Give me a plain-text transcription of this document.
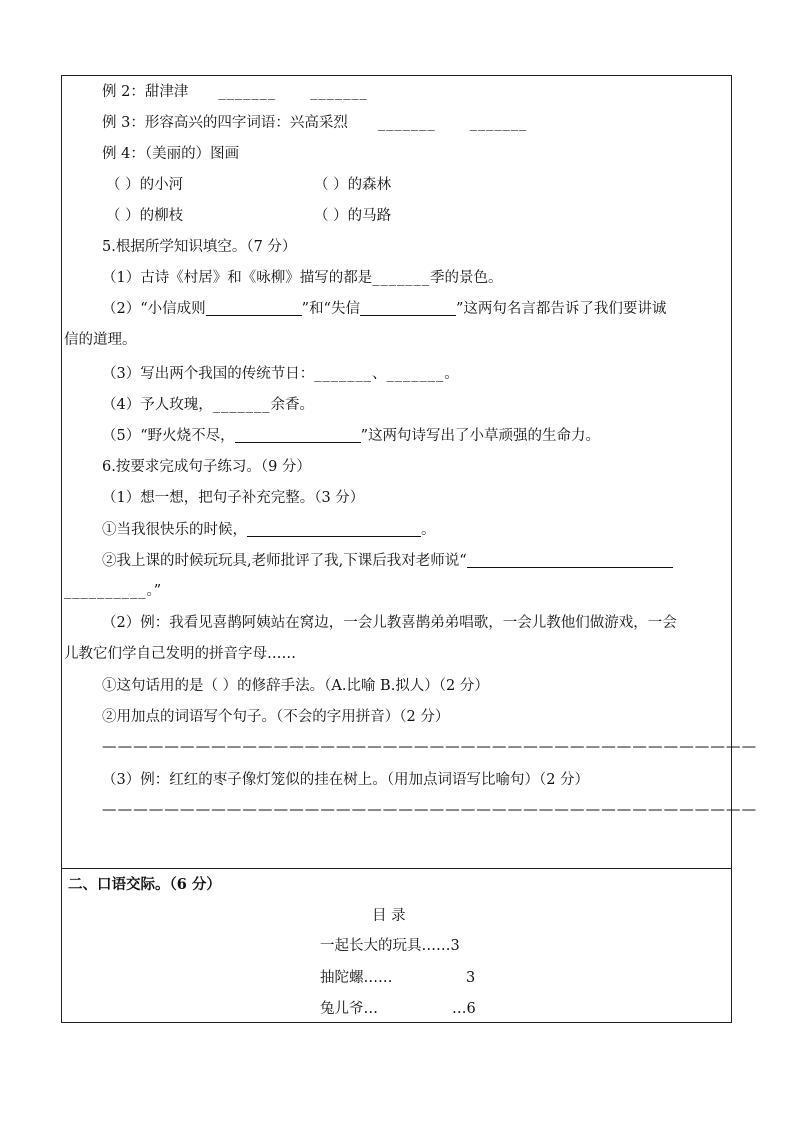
例 2：甜津津 _______ _______
例 3：形容高兴的四字词语：兴高采烈 _______ _______
例 4：（美丽的）图画
（ ）的小河	（ ）的森林
（ ）的柳枝	（ ）的马路
5.根据所学知识填空。（7 分）
（1）古诗《村居》和《咏柳》描写的都是_______季的景色。
（2）“小信成则	”和“失信	”这两句名言都告诉了我们要讲诚
信的道理。
（3）写出两个我国的传统节日：_______、_______。
（4）予人玫瑰，_______余香。
（5）“野火烧不尽，	”这两句诗写出了小草顽强的生命力。
6.按要求完成句子练习。（9 分）
（1）想一想，把句子补充完整。（3 分）
①当我很快乐的时候，	。
②我上课的时候玩玩具,老师批评了我,下课后我对老师说“
__________。”
（2）例：我看见喜鹊阿姨站在窝边，一会儿教喜鹊弟弟唱歌，一会儿教他们做游戏，一会
儿教它们学自己发明的拼音字母……
①这句话用的是（ ）的修辞手法。（A.比喻 B.拟人）（2 分）
②用加点的词语写个句子。（不会的字用拼音）（2 分）
——————————————————————————————————————————
（3）例：红红的枣子像灯笼似的挂在树上。（用加点词语写比喻句）（2 分）
——————————————————————————————————————————
二、口语交际。（6 分）
目 录
一起长大的玩具……3
抽陀螺……	3
兔儿爷…	…6
